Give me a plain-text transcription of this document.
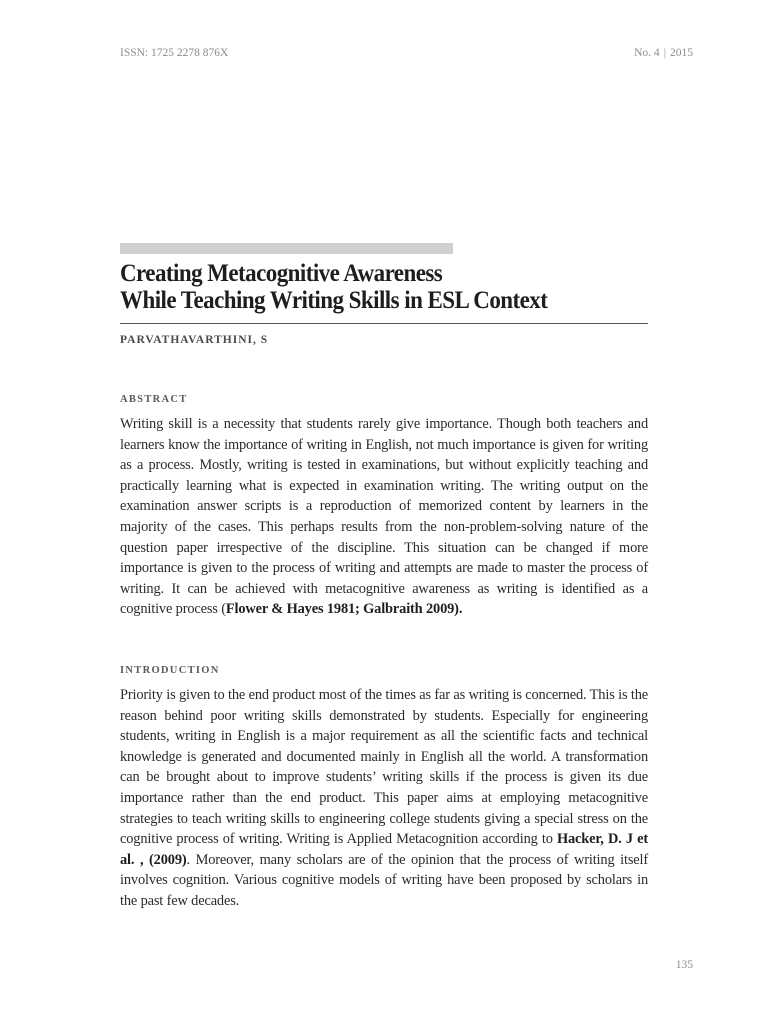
ISSN: 1725 2278 876X	No. 4 | 2015
Creating Metacognitive Awareness
While Teaching Writing Skills in ESL Context
PARVATHAVARTHINI, S
ABSTRACT

Writing skill is a necessity that students rarely give importance. Though both teachers and learners know the importance of writing in English, not much importance is given for writing as a process. Mostly, writing is tested in examinations, but without explicitly teaching and practically learning what is expected in examination writing. The writing output on the examination answer scripts is a reproduction of memorized content by learners in the majority of the cases. This perhaps results from the non-problem-solving nature of the question paper irrespective of the discipline. This situation can be changed if more importance is given to the process of writing and attempts are made to master the process of writing. It can be achieved with metacognitive awareness as writing is identified as a cognitive process (Flower & Hayes 1981; Galbraith 2009).

INTRODUCTION

Priority is given to the end product most of the times as far as writing is concerned. This is the reason behind poor writing skills demonstrated by students. Especially for engineering students, writing in English is a major requirement as all the scientific facts and technical knowledge is generated and documented mainly in English all the world. A transformation can be brought about to improve students’ writing skills if the process is given its due importance rather than the end product. This paper aims at employing metacognitive strategies to teach writing skills to engineering college students giving a special stress on the cognitive process of writing. Writing is Applied Metacognition according to Hacker, D. J et al. , (2009). Moreover, many scholars are of the opinion that the process of writing itself involves cognition. Various cognitive models of writing have been proposed by scholars in the past few decades.

135
